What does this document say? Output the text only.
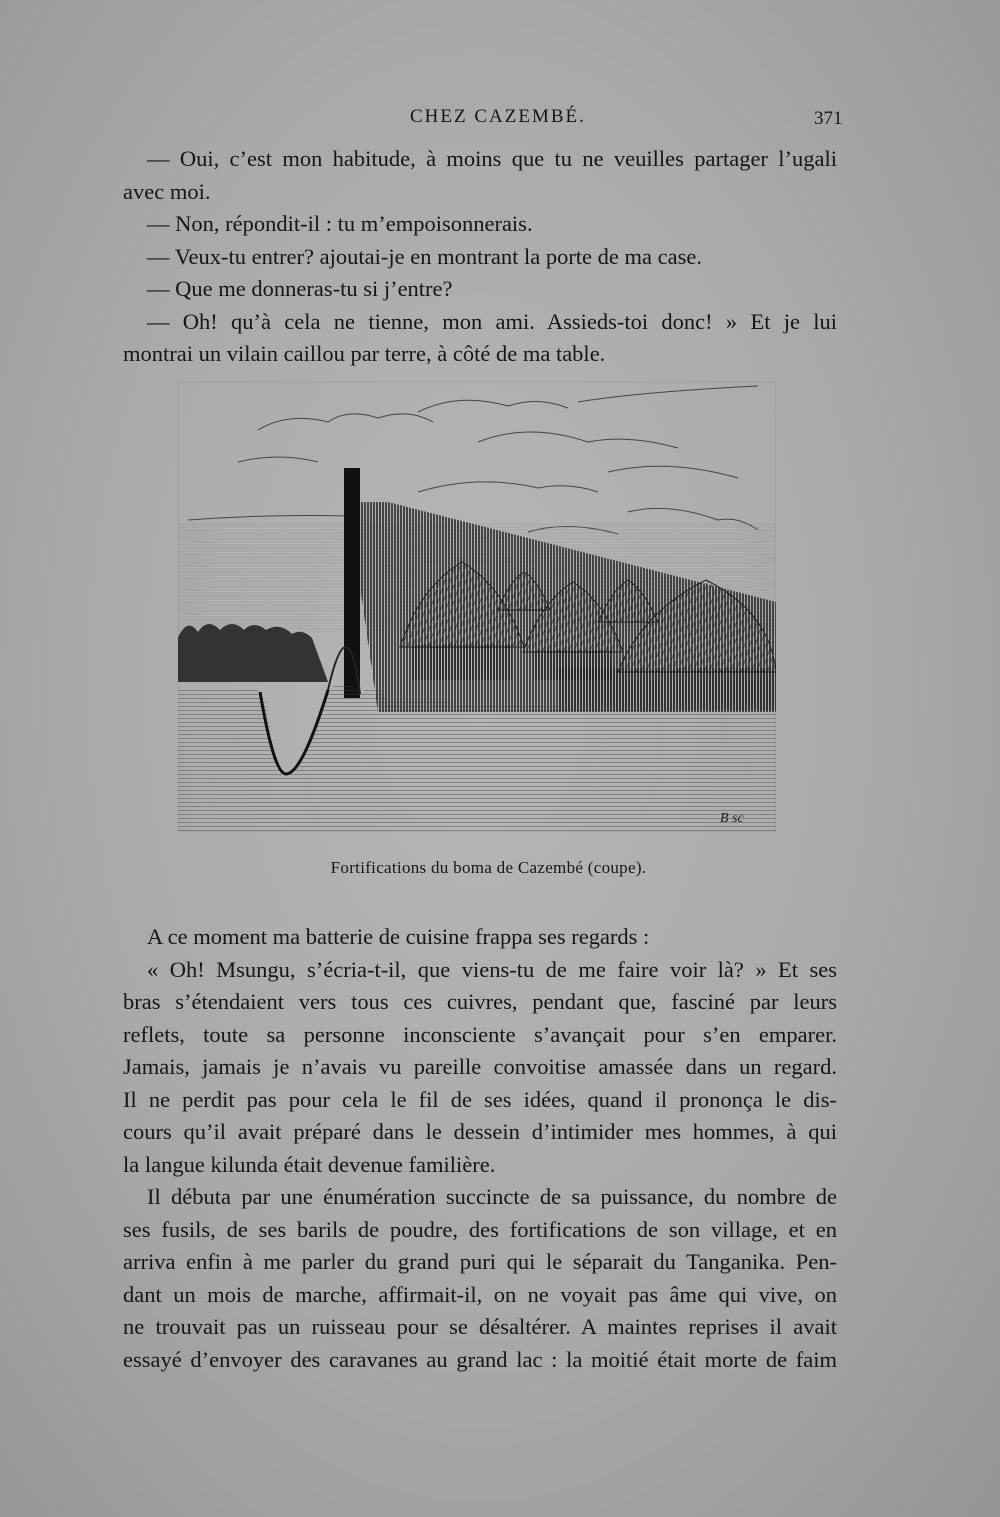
CHEZ CAZEMBÉ.	371
— Oui, c’est mon habitude, à moins que tu ne veuilles partager l’ugali
avec moi.
— Non, répondit-il : tu m’empoisonnerais.
— Veux-tu entrer? ajoutai-je en montrant la porte de ma case.
— Que me donneras-tu si j’entre?
— Oh! qu’à cela ne tienne, mon ami. Assieds-toi donc! » Et je lui
montrai un vilain caillou par terre, à côté de ma table.
B sc
Fortifications du boma de Cazembé (coupe).
A ce moment ma batterie de cuisine frappa ses regards :
« Oh! Msungu, s’écria-t-il, que viens-tu de me faire voir là? » Et ses
bras s’étendaient vers tous ces cuivres, pendant que, fasciné par leurs
reflets, toute sa personne inconsciente s’avançait pour s’en emparer.
Jamais, jamais je n’avais vu pareille convoitise amassée dans un regard.
Il ne perdit pas pour cela le fil de ses idées, quand il prononça le dis-
cours qu’il avait préparé dans le dessein d’intimider mes hommes, à qui
la langue kilunda était devenue familière.
Il débuta par une énumération succincte de sa puissance, du nombre de
ses fusils, de ses barils de poudre, des fortifications de son village, et en
arriva enfin à me parler du grand puri qui le séparait du Tanganika. Pen-
dant un mois de marche, affirmait-il, on ne voyait pas âme qui vive, on
ne trouvait pas un ruisseau pour se désaltérer. A maintes reprises il avait
essayé d’envoyer des caravanes au grand lac : la moitié était morte de faim
